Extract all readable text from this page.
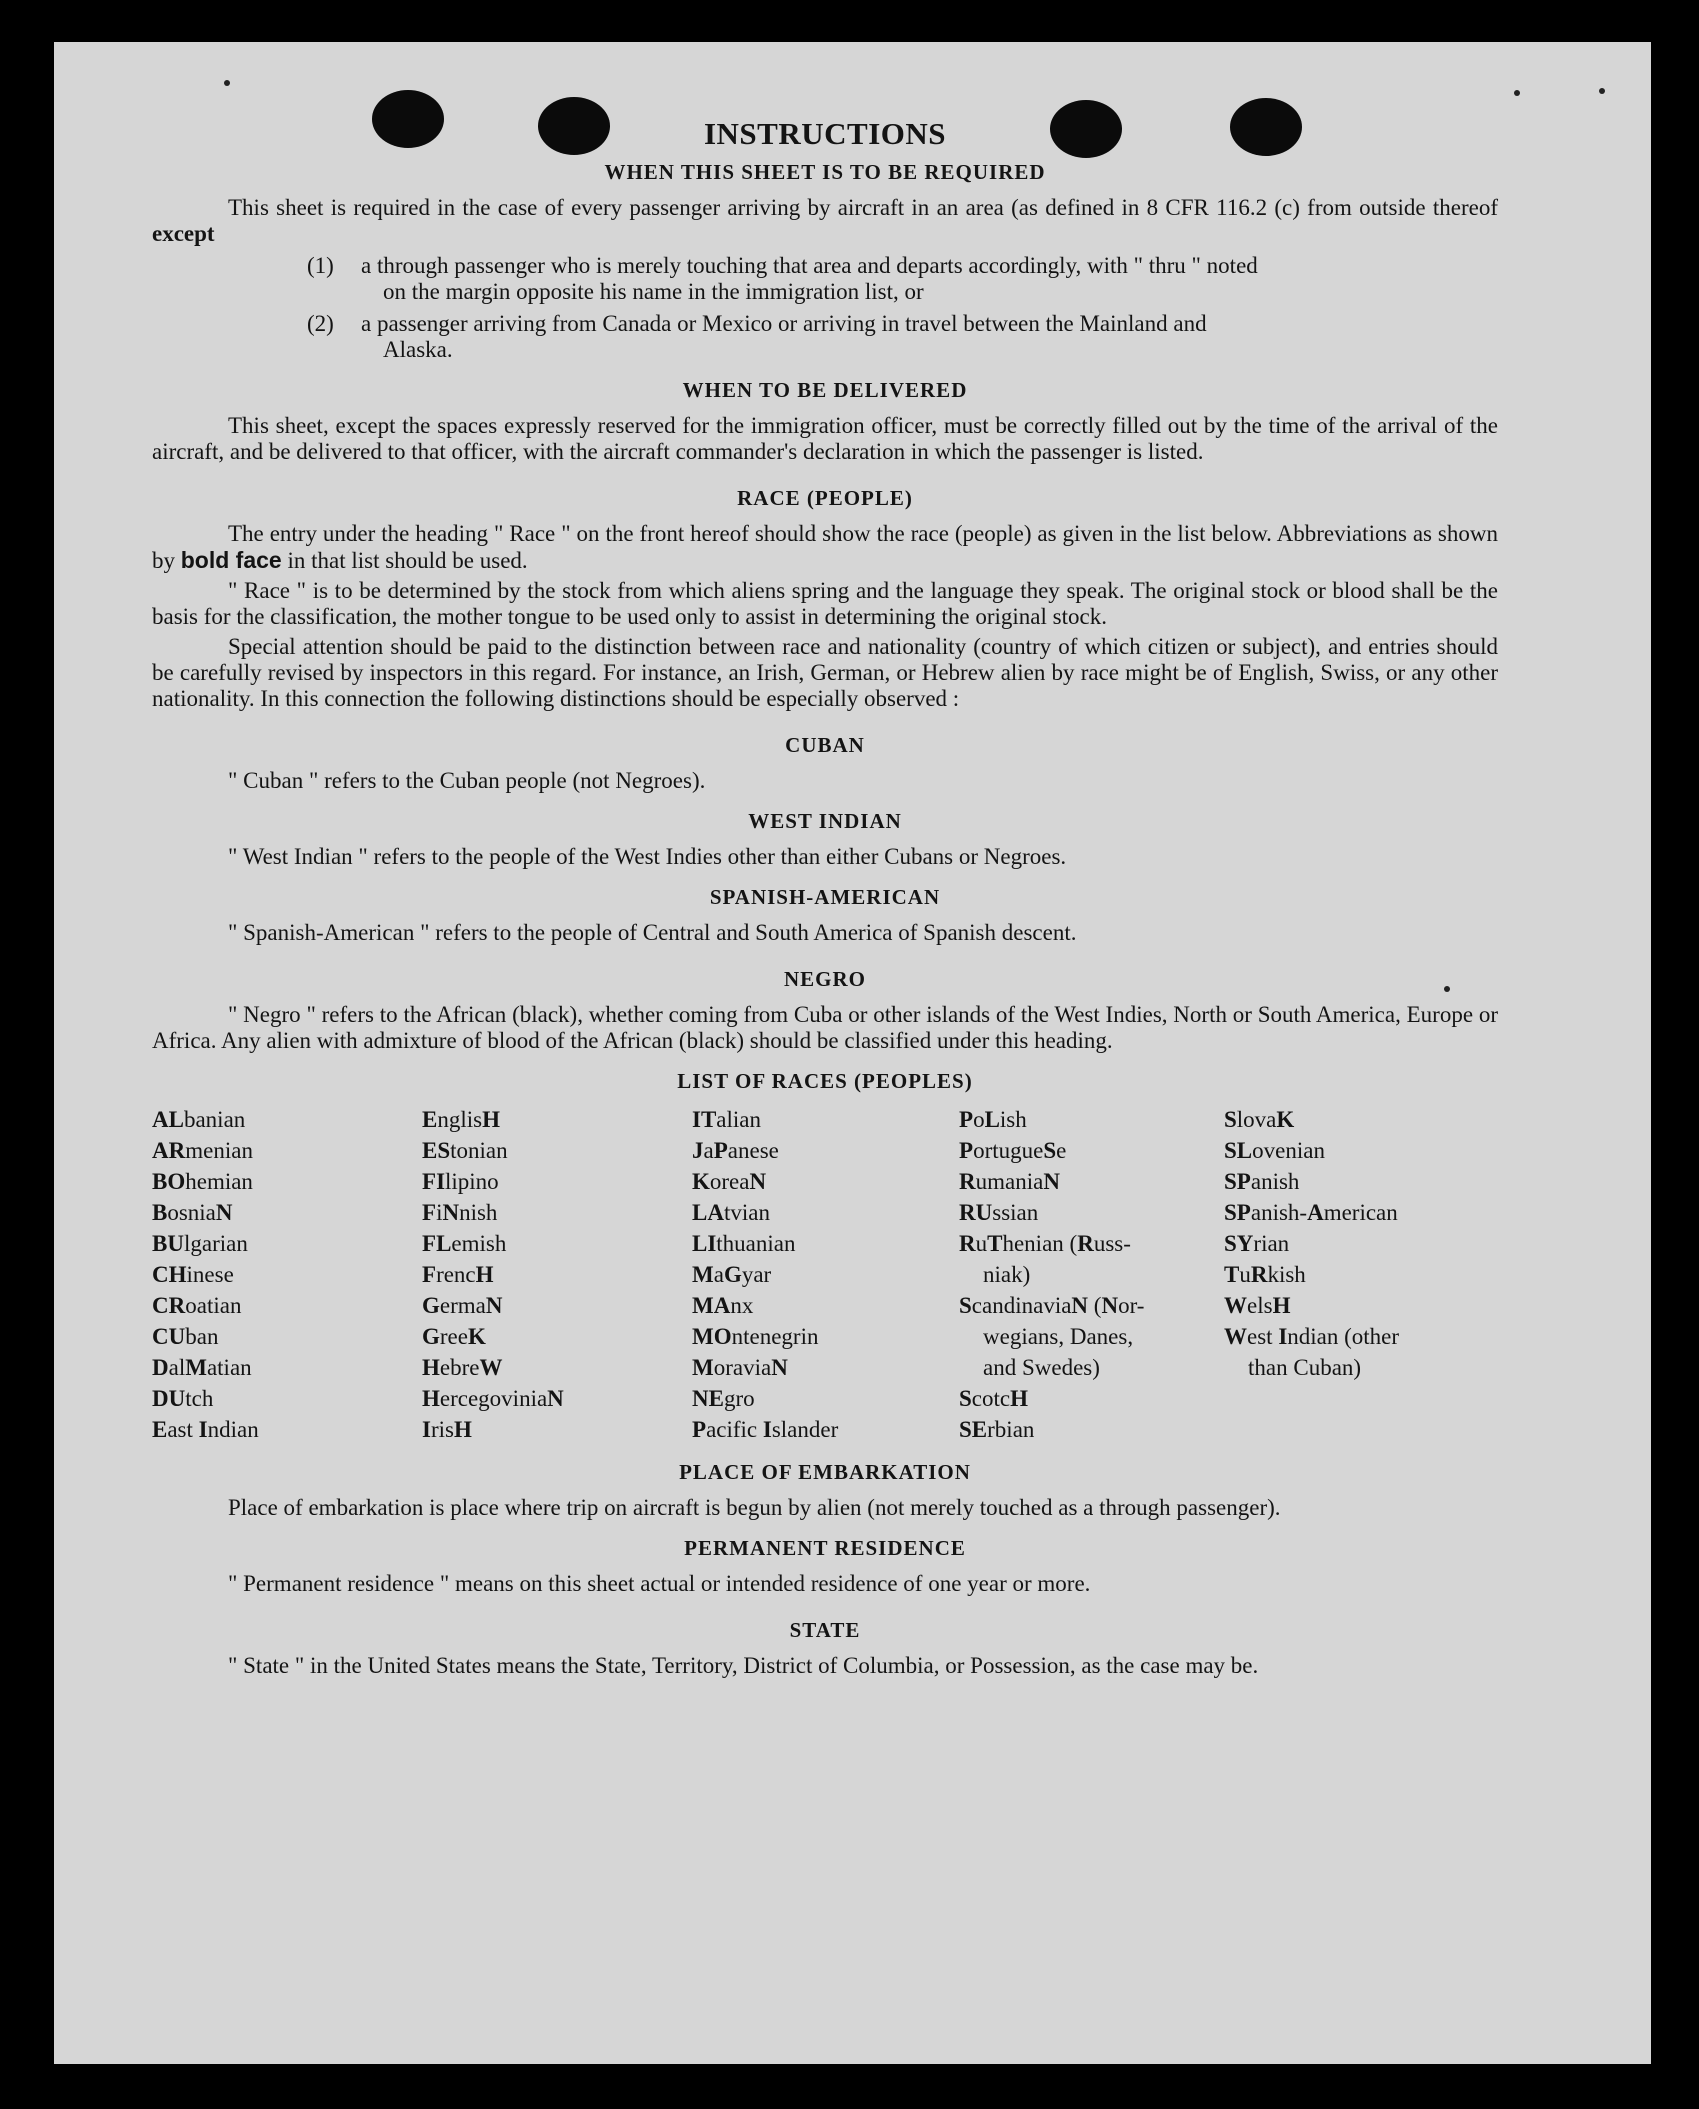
INSTRUCTIONS
WHEN THIS SHEET IS TO BE REQUIRED

This sheet is required in the case of every passenger arriving by aircraft in an area (as defined in 8 CFR 116.2 (c) from outside thereof except

(1)	a through passenger who is merely touching that area and departs accordingly, with " thru " noted
on the margin opposite his name in the immigration list, or
(2)	a passenger arriving from Canada or Mexico or arriving in travel between the Mainland and
Alaska.
WHEN TO BE DELIVERED

This sheet, except the spaces expressly reserved for the immigration officer, must be correctly filled out by the time of the arrival of the aircraft, and be delivered to that officer, with the aircraft commander's declaration in which the passenger is listed.

RACE (PEOPLE)

The entry under the heading " Race " on the front hereof should show the race (people) as given in the list below. Abbreviations as shown by bold face in that list should be used.

" Race " is to be determined by the stock from which aliens spring and the language they speak. The original stock or blood shall be the basis for the classification, the mother tongue to be used only to assist in determining the original stock.

Special attention should be paid to the distinction between race and nationality (country of which citizen or subject), and entries should be carefully revised by inspectors in this regard. For instance, an Irish, German, or Hebrew alien by race might be of English, Swiss, or any other nationality. In this connection the following distinctions should be especially observed :

CUBAN

" Cuban " refers to the Cuban people (not Negroes).

WEST INDIAN

" West Indian " refers to the people of the West Indies other than either Cubans or Negroes.

SPANISH-AMERICAN

" Spanish-American " refers to the people of Central and South America of Spanish descent.

NEGRO

" Negro " refers to the African (black), whether coming from Cuba or other islands of the West Indies, North or South America, Europe or Africa. Any alien with admixture of blood of the African (black) should be classified under this heading.

LIST OF RACES (PEOPLES)
ALbanian
ARmenian
BOhemian
BosniaN
BUlgarian
CHinese
CRoatian
CUban
DalMatian
DUtch
East Indian
EnglisH
EStonian
FIlipino
FiNnish
FLemish
FrencH
GermaN
GreeK
HebreW
HercegoviniaN
IrisH
ITalian
JaPanese
KoreaN
LAtvian
LIthuanian
MaGyar
MAnx
MOntenegrin
MoraviaN
NEgro
Pacific Islander
PoLish
PortugueSe
RumaniaN
RUssian
RuThenian (Russ-
niak)
ScandinaviaN (Nor-
wegians, Danes,
and Swedes)
ScotcH
SErbian
SlovaK
SLovenian
SPanish
SPanish-American
SYrian
TuRkish
WelsH
West Indian (other
than Cuban)
PLACE OF EMBARKATION

Place of embarkation is place where trip on aircraft is begun by alien (not merely touched as a through passenger).

PERMANENT RESIDENCE

" Permanent residence " means on this sheet actual or intended residence of one year or more.

STATE

" State " in the United States means the State, Territory, District of Columbia, or Possession, as the case may be.
